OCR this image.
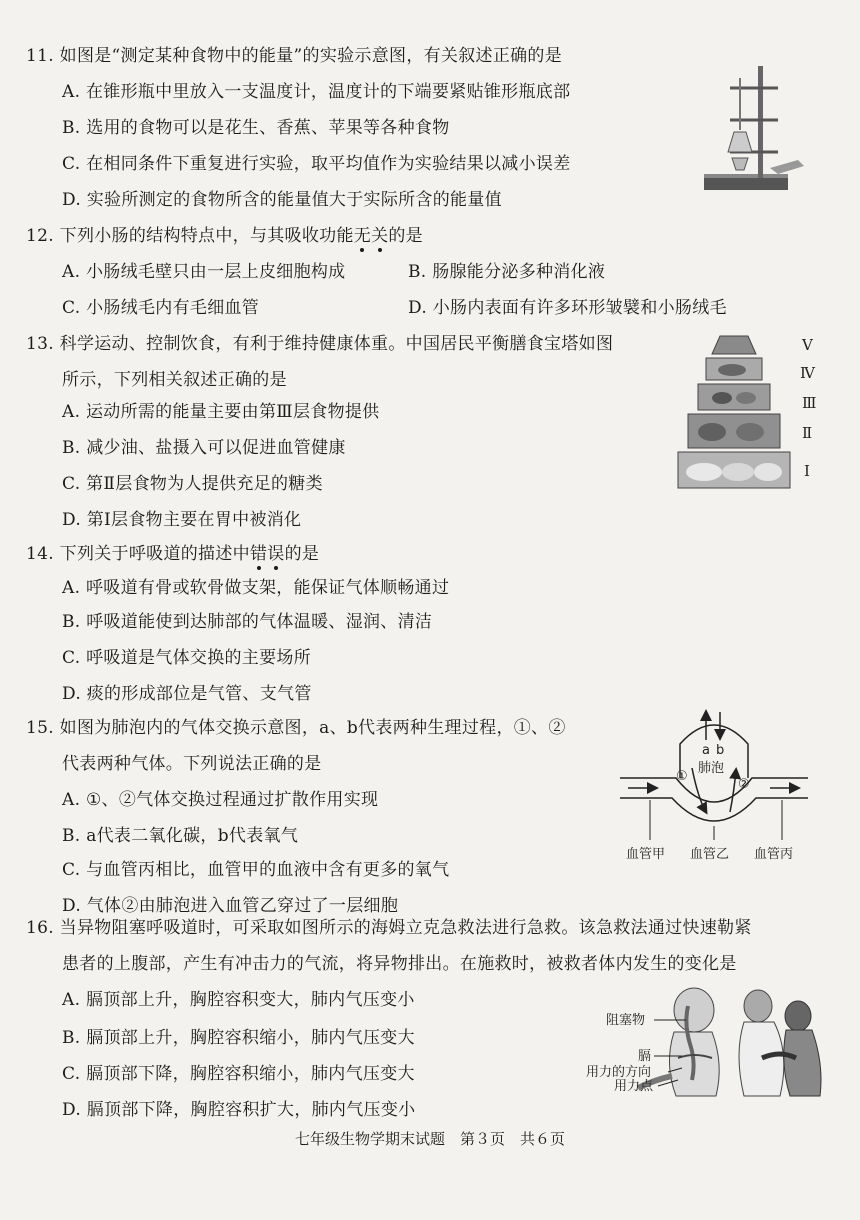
11. 如图是“测定某种食物中的能量”的实验示意图，有关叙述正确的是
A. 在锥形瓶中里放入一支温度计，温度计的下端要紧贴锥形瓶底部
B. 选用的食物可以是花生、香蕉、苹果等各种食物
C. 在相同条件下重复进行实验，取平均值作为实验结果以减小误差
D. 实验所测定的食物所含的能量值大于实际所含的能量值
12. 下列小肠的结构特点中，与其吸收功能无关的是
A. 小肠绒毛壁只由一层上皮细胞构成	B. 肠腺能分泌多种消化液
C. 小肠绒毛内有毛细血管	D. 小肠内表面有许多环形皱襞和小肠绒毛
13. 科学运动、控制饮食，有利于维持健康体重。中国居民平衡膳食宝塔如图
所示，下列相关叙述正确的是
A. 运动所需的能量主要由第Ⅲ层食物提供
B. 减少油、盐摄入可以促进血管健康
C. 第Ⅱ层食物为人提供充足的糖类
D. 第Ⅰ层食物主要在胃中被消化
Ⅴ
Ⅳ
Ⅲ
Ⅱ
Ⅰ
14. 下列关于呼吸道的描述中错误的是
A. 呼吸道有骨或软骨做支架，能保证气体顺畅通过
B. 呼吸道能使到达肺部的气体温暖、湿润、清洁
C. 呼吸道是气体交换的主要场所
D. 痰的形成部位是气管、支气管
15. 如图为肺泡内的气体交换示意图，a、b代表两种生理过程，①、②
代表两种气体。下列说法正确的是
A. ①、②气体交换过程通过扩散作用实现
B. a代表二氧化碳，b代表氧气
C. 与血管丙相比，血管甲的血液中含有更多的氧气
D. 气体②由肺泡进入血管乙穿过了一层细胞
a b
肺泡
①
②
血管甲 血管乙 血管丙
16. 当异物阻塞呼吸道时，可采取如图所示的海姆立克急救法进行急救。该急救法通过快速勒紧
患者的上腹部，产生有冲击力的气流，将异物排出。在施救时，被救者体内发生的变化是
A. 膈顶部上升，胸腔容积变大，肺内气压变小
B. 膈顶部上升，胸腔容积缩小，肺内气压变大
C. 膈顶部下降，胸腔容积缩小，肺内气压变大
D. 膈顶部下降，胸腔容积扩大，肺内气压变小
阻塞物
膈
用力的方向
用力点
七年级生物学期末试题　第３页　共６页
